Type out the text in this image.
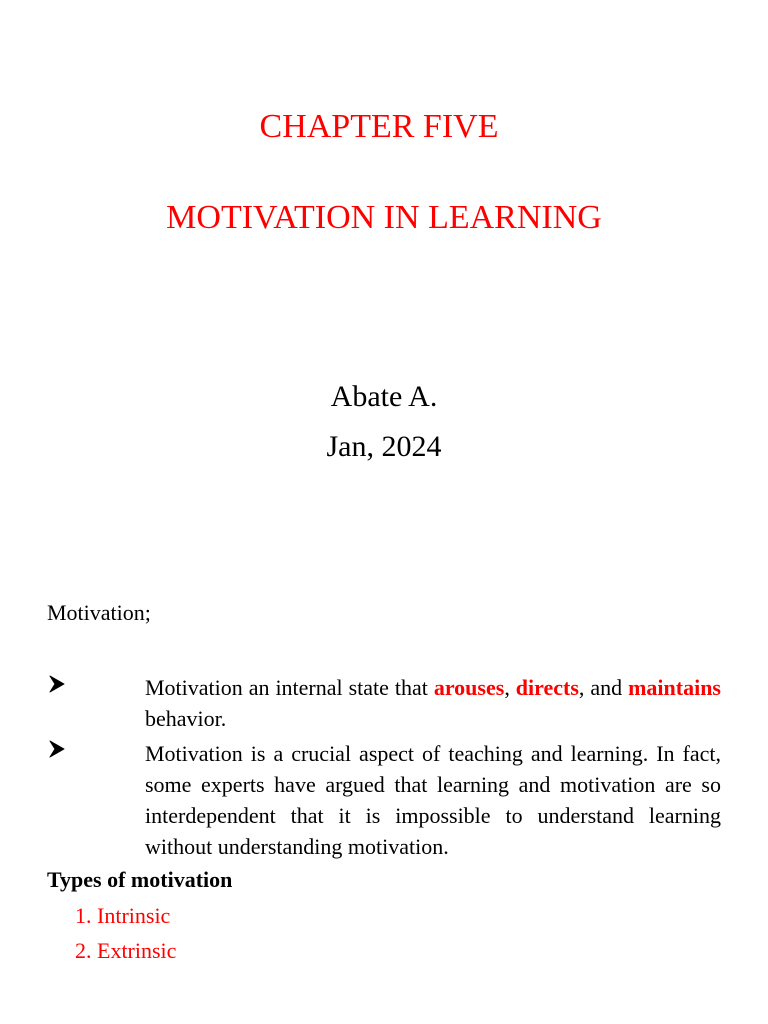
CHAPTER FIVE
MOTIVATION IN LEARNING
Abate A.
Jan, 2024
Motivation;
Motivation an internal state that arouses, directs, and maintains behavior.
Motivation is a crucial aspect of teaching and learning. In fact, some experts have argued that learning and motivation are so interdependent that it is impossible to understand learning without understanding motivation.
Types of motivation
1. Intrinsic
2. Extrinsic
